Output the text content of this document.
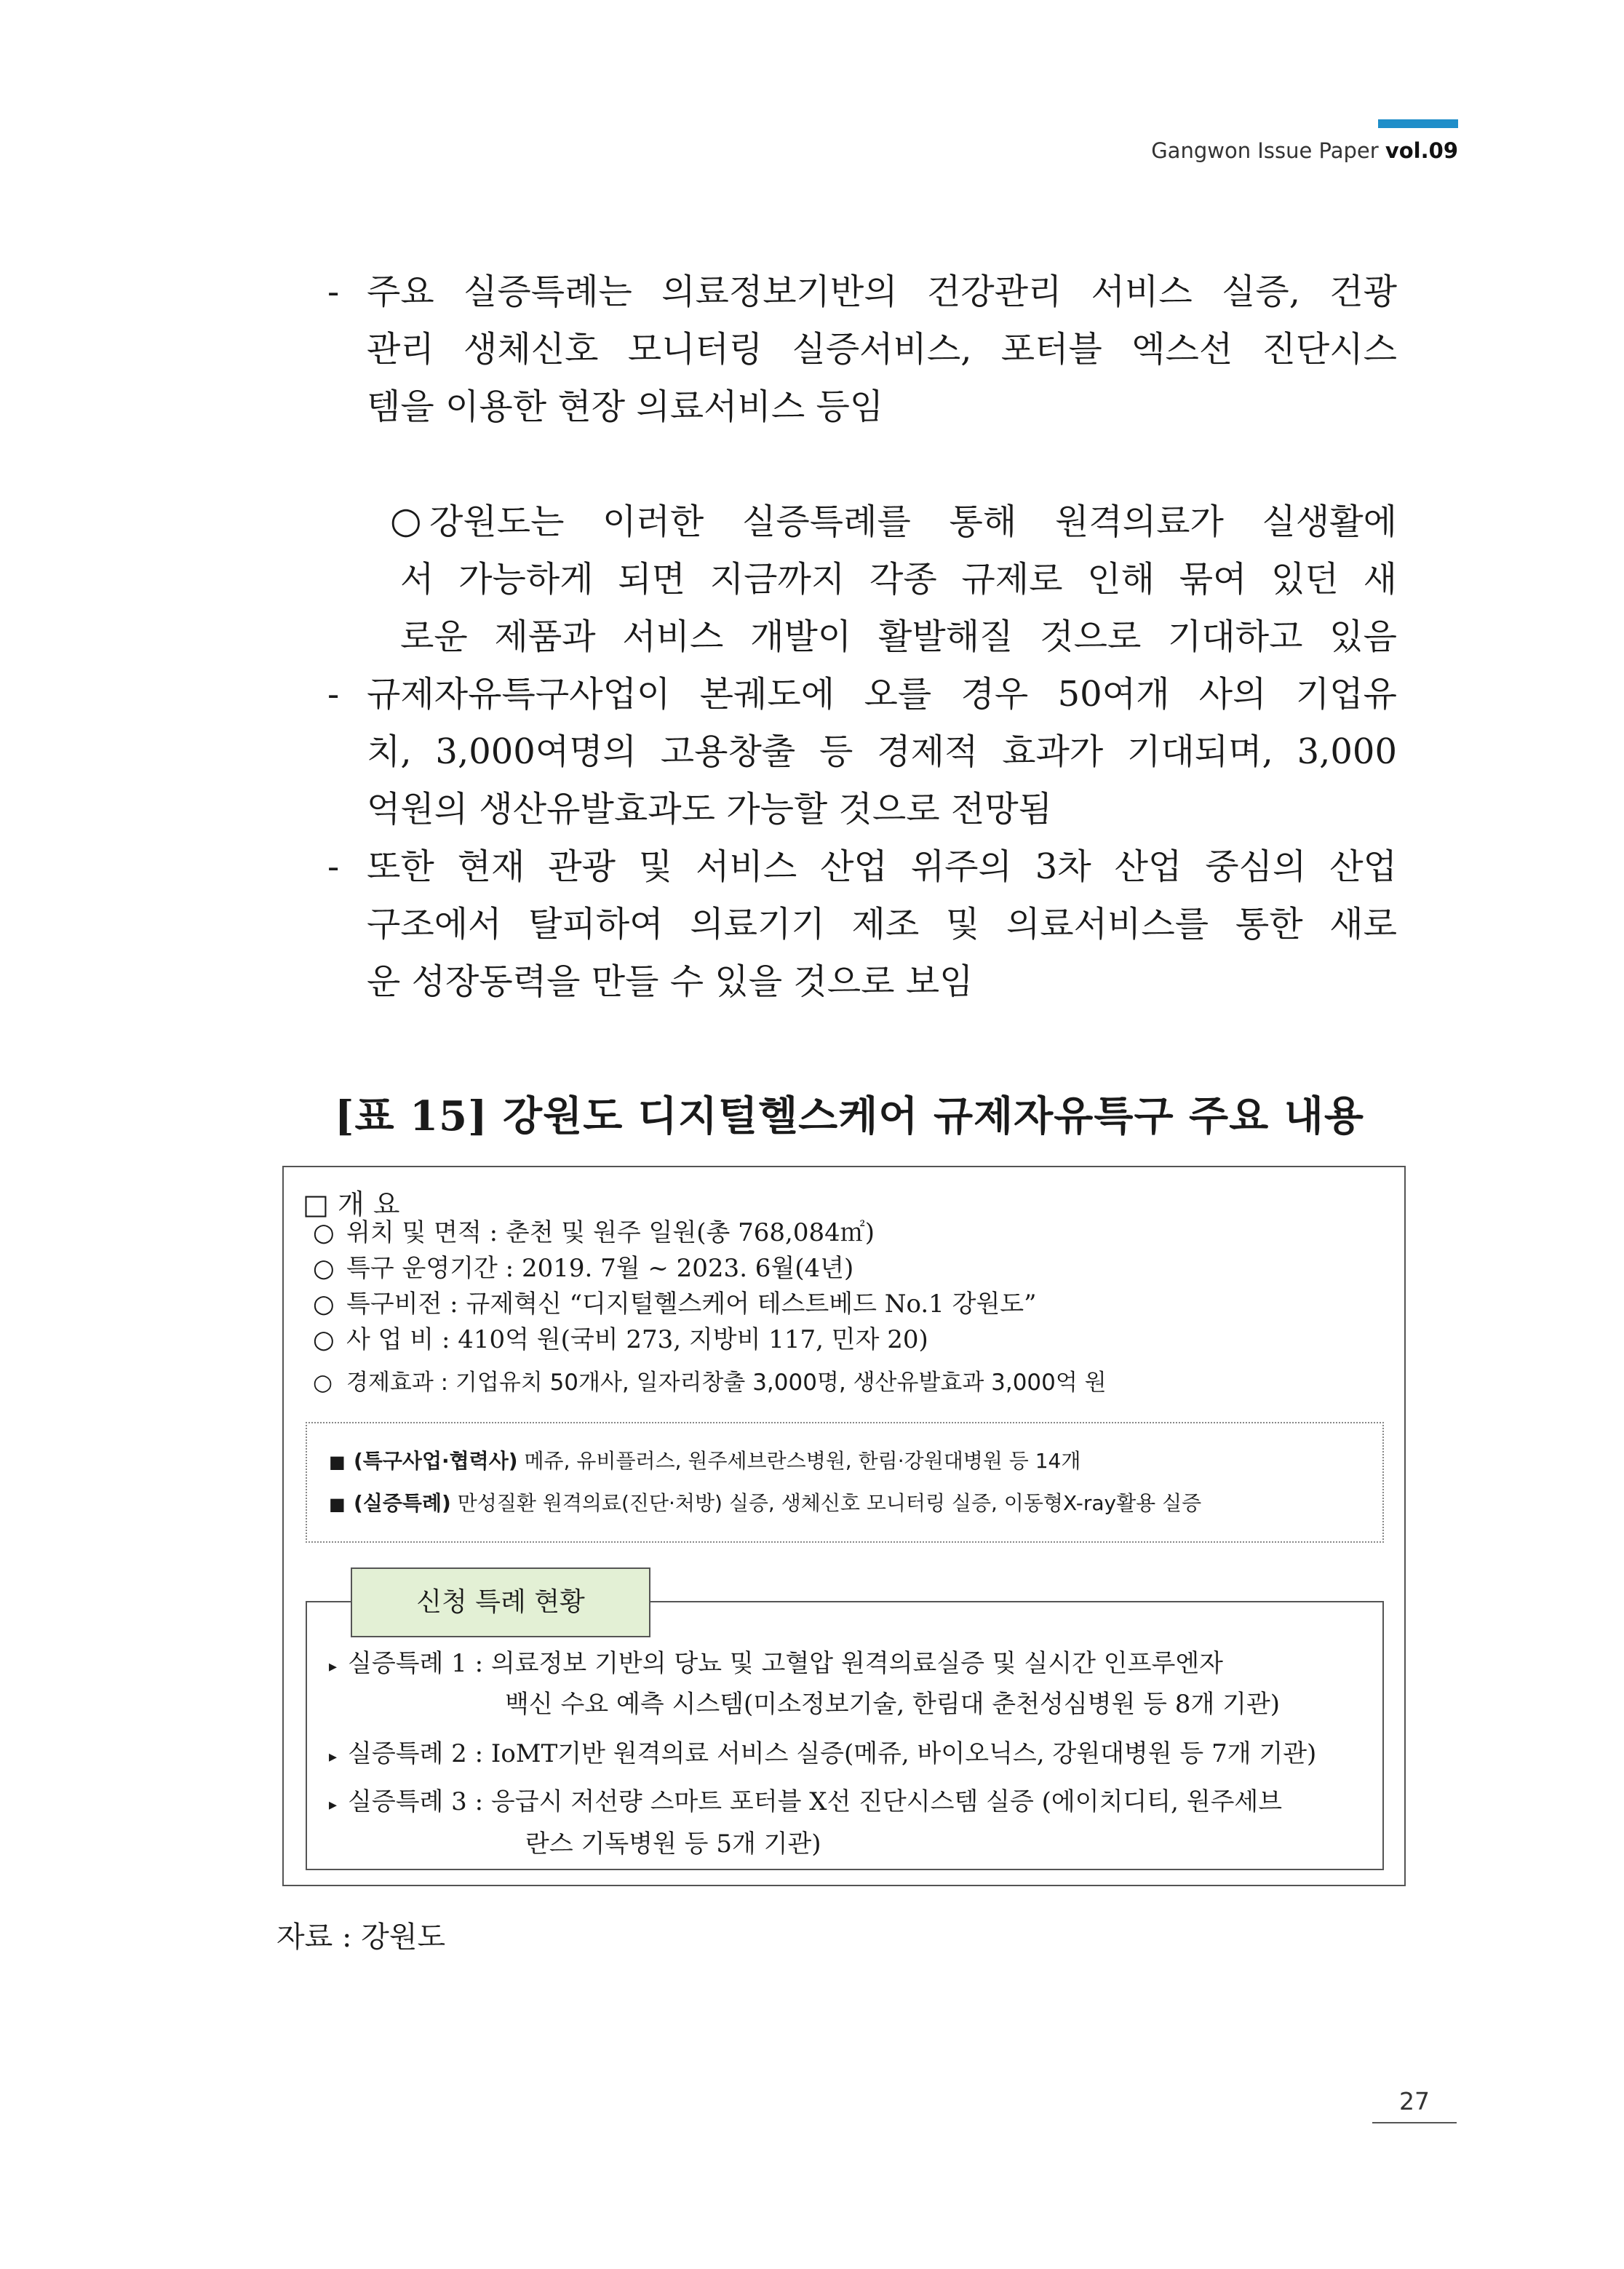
Gangwon Issue Paper vol.09
- 주요 실증특례는 의료정보기반의 건강관리 서비스 실증, 건광
관리 생체신호 모니터링 실증서비스, 포터블 엑스선 진단시스
템을 이용한 현장 의료서비스 등임
○ 강원도는 이러한 실증특례를 통해 원격의료가 실생활에
서 가능하게 되면 지금까지 각종 규제로 인해 묶여 있던 새
로운 제품과 서비스 개발이 활발해질 것으로 기대하고 있음
- 규제자유특구사업이 본궤도에 오를 경우 50여개 사의 기업유
치, 3,000여명의 고용창출 등 경제적 효과가 기대되며, 3,000
억원의 생산유발효과도 가능할 것으로 전망됨
- 또한 현재 관광 및 서비스 산업 위주의 3차 산업 중심의 산업
구조에서 탈피하여 의료기기 제조 및 의료서비스를 통한 새로
운 성장동력을 만들 수 있을 것으로 보임
[표 15] 강원도 디지털헬스케어 규제자유특구 주요 내용
□ 개 요
○ 위치 및 면적 : 춘천 및 원주 일원(총 768,084㎡)
○ 특구 운영기간 : 2019. 7월 ~ 2023. 6월(4년)
○ 특구비전 : 규제혁신 “디지털헬스케어 테스트베드 No.1 강원도”
○ 사 업 비 : 410억 원(국비 273, 지방비 117, 민자 20)
○ 경제효과 : 기업유치 50개사, 일자리창출 3,000명, 생산유발효과 3,000억 원
■ (특구사업·협력사) 메쥬, 유비플러스, 원주세브란스병원, 한림·강원대병원 등 14개
■ (실증특례) 만성질환 원격의료(진단·처방) 실증, 생체신호 모니터링 실증, 이동형X-ray활용 실증
▸ 실증특례 1 : 의료정보 기반의 당뇨 및 고혈압 원격의료실증 및 실시간 인프루엔자
백신 수요 예측 시스템(미소정보기술, 한림대 춘천성심병원 등 8개 기관)
▸ 실증특례 2 : IoMT기반 원격의료 서비스 실증(메쥬, 바이오닉스, 강원대병원 등 7개 기관)
▸ 실증특례 3 : 응급시 저선량 스마트 포터블 X선 진단시스템 실증 (에이치디티, 원주세브
란스 기독병원 등 5개 기관)
신청 특례 현황
자료 : 강원도
27
